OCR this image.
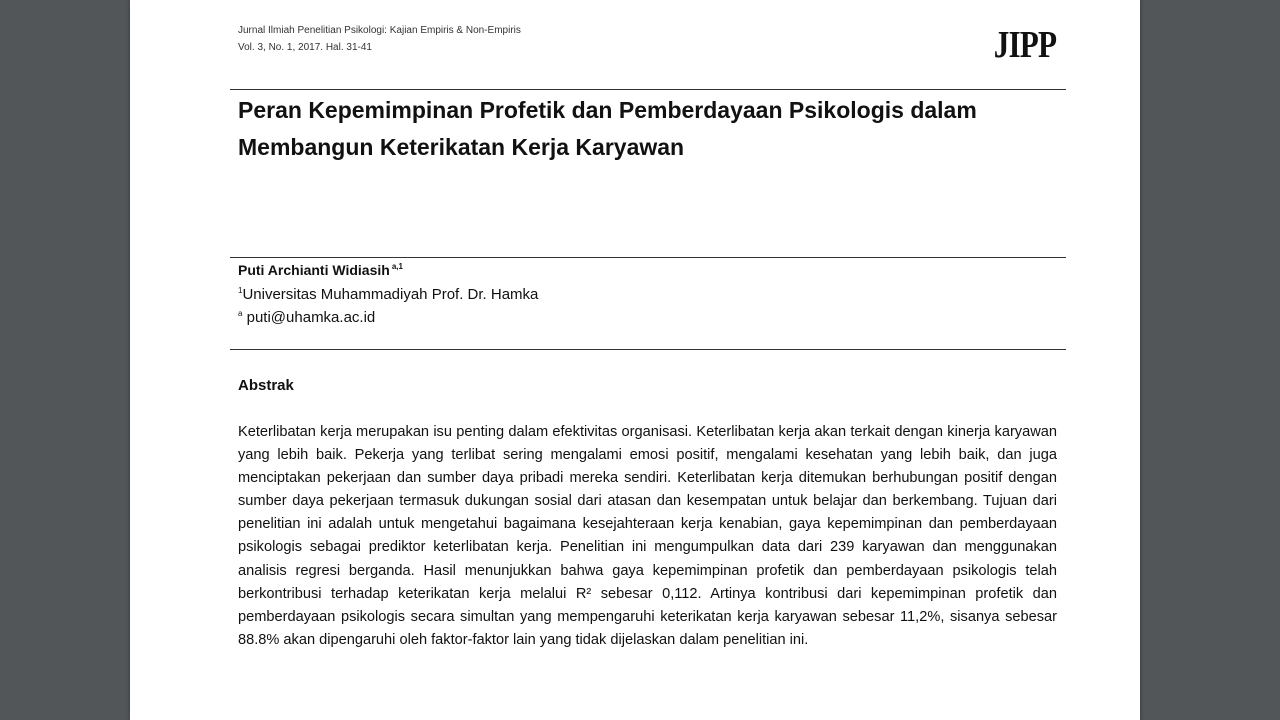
Jurnal Ilmiah Penelitian Psikologi: Kajian Empiris & Non-Empiris
Vol. 3, No. 1, 2017. Hal. 31-41	JIPP
Peran Kepemimpinan Profetik dan Pemberdayaan Psikologis dalam Membangun Keterikatan Kerja Karyawan
Puti Archianti Widiasih $^{a,1}$
$^1$Universitas Muhammadiyah Prof. Dr. Hamka
$^a$ puti@uhamka.ac.id
Abstrak

Keterlibatan kerja merupakan isu penting dalam efektivitas organisasi. Keterlibatan kerja akan terkait dengan kinerja karyawan yang lebih baik. Pekerja yang terlibat sering mengalami emosi positif, mengalami kesehatan yang lebih baik, dan juga menciptakan pekerjaan dan sumber daya pribadi mereka sendiri. Keterlibatan kerja ditemukan berhubungan positif dengan sumber daya pekerjaan termasuk dukungan sosial dari atasan dan kesempatan untuk belajar dan berkembang. Tujuan dari penelitian ini adalah untuk mengetahui bagaimana kesejahteraan kerja kenabian, gaya kepemimpinan dan pemberdayaan psikologis sebagai prediktor keterlibatan kerja. Penelitian ini mengumpulkan data dari 239 karyawan dan menggunakan analisis regresi berganda. Hasil menunjukkan bahwa gaya kepemimpinan profetik dan pemberdayaan psikologis telah berkontribusi terhadap keterikatan kerja melalui R² sebesar 0,112. Artinya kontribusi dari kepemimpinan profetik dan pemberdayaan psikologis secara simultan yang mempengaruhi keterikatan kerja karyawan sebesar 11,2%, sisanya sebesar 88.8% akan dipengaruhi oleh faktor-faktor lain yang tidak dijelaskan dalam penelitian ini.
